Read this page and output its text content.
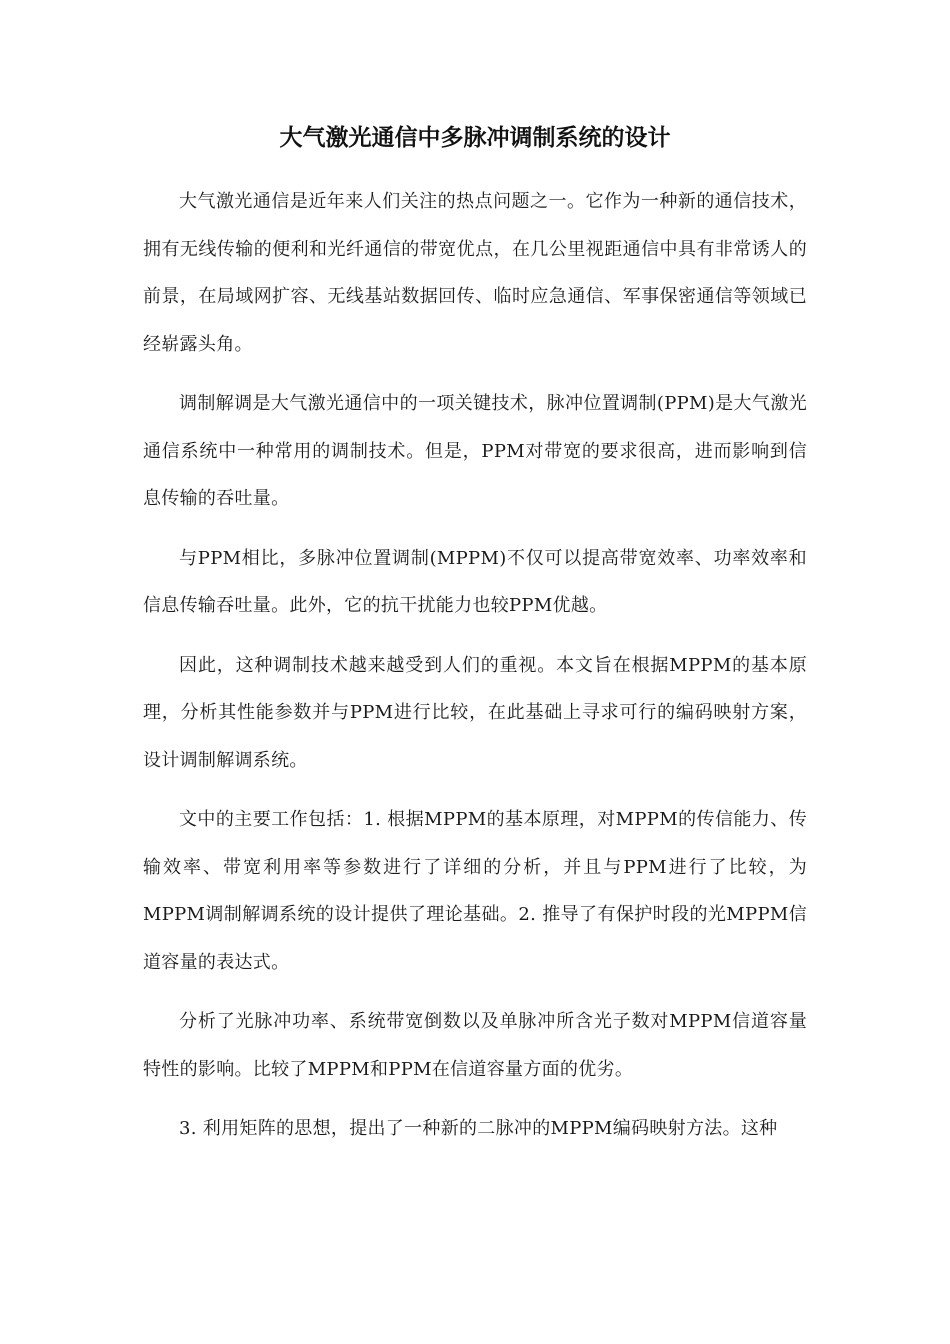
大气激光通信中多脉冲调制系统的设计

大气激光通信是近年来人们关注的热点问题之一。它作为一种新的通信技术，拥有无线传输的便利和光纤通信的带宽优点，在几公里视距通信中具有非常诱人的前景，在局域网扩容、无线基站数据回传、临时应急通信、军事保密通信等领域已经崭露头角。

调制解调是大气激光通信中的一项关键技术，脉冲位置调制(PPM)是大气激光通信系统中一种常用的调制技术。但是，PPM对带宽的要求很高，进而影响到信息传输的吞吐量。

与PPM相比，多脉冲位置调制(MPPM)不仅可以提高带宽效率、功率效率和信息传输吞吐量。此外，它的抗干扰能力也较PPM优越。

因此，这种调制技术越来越受到人们的重视。本文旨在根据MPPM的基本原理，分析其性能参数并与PPM进行比较，在此基础上寻求可行的编码映射方案，设计调制解调系统。

文中的主要工作包括：1. 根据MPPM的基本原理，对MPPM的传信能力、传输效率、带宽利用率等参数进行了详细的分析，并且与PPM进行了比较，为MPPM调制解调系统的设计提供了理论基础。2. 推导了有保护时段的光MPPM信道容量的表达式。

分析了光脉冲功率、系统带宽倒数以及单脉冲所含光子数对MPPM信道容量特性的影响。比较了MPPM和PPM在信道容量方面的优劣。

3. 利用矩阵的思想，提出了一种新的二脉冲的MPPM编码映射方法。这种
